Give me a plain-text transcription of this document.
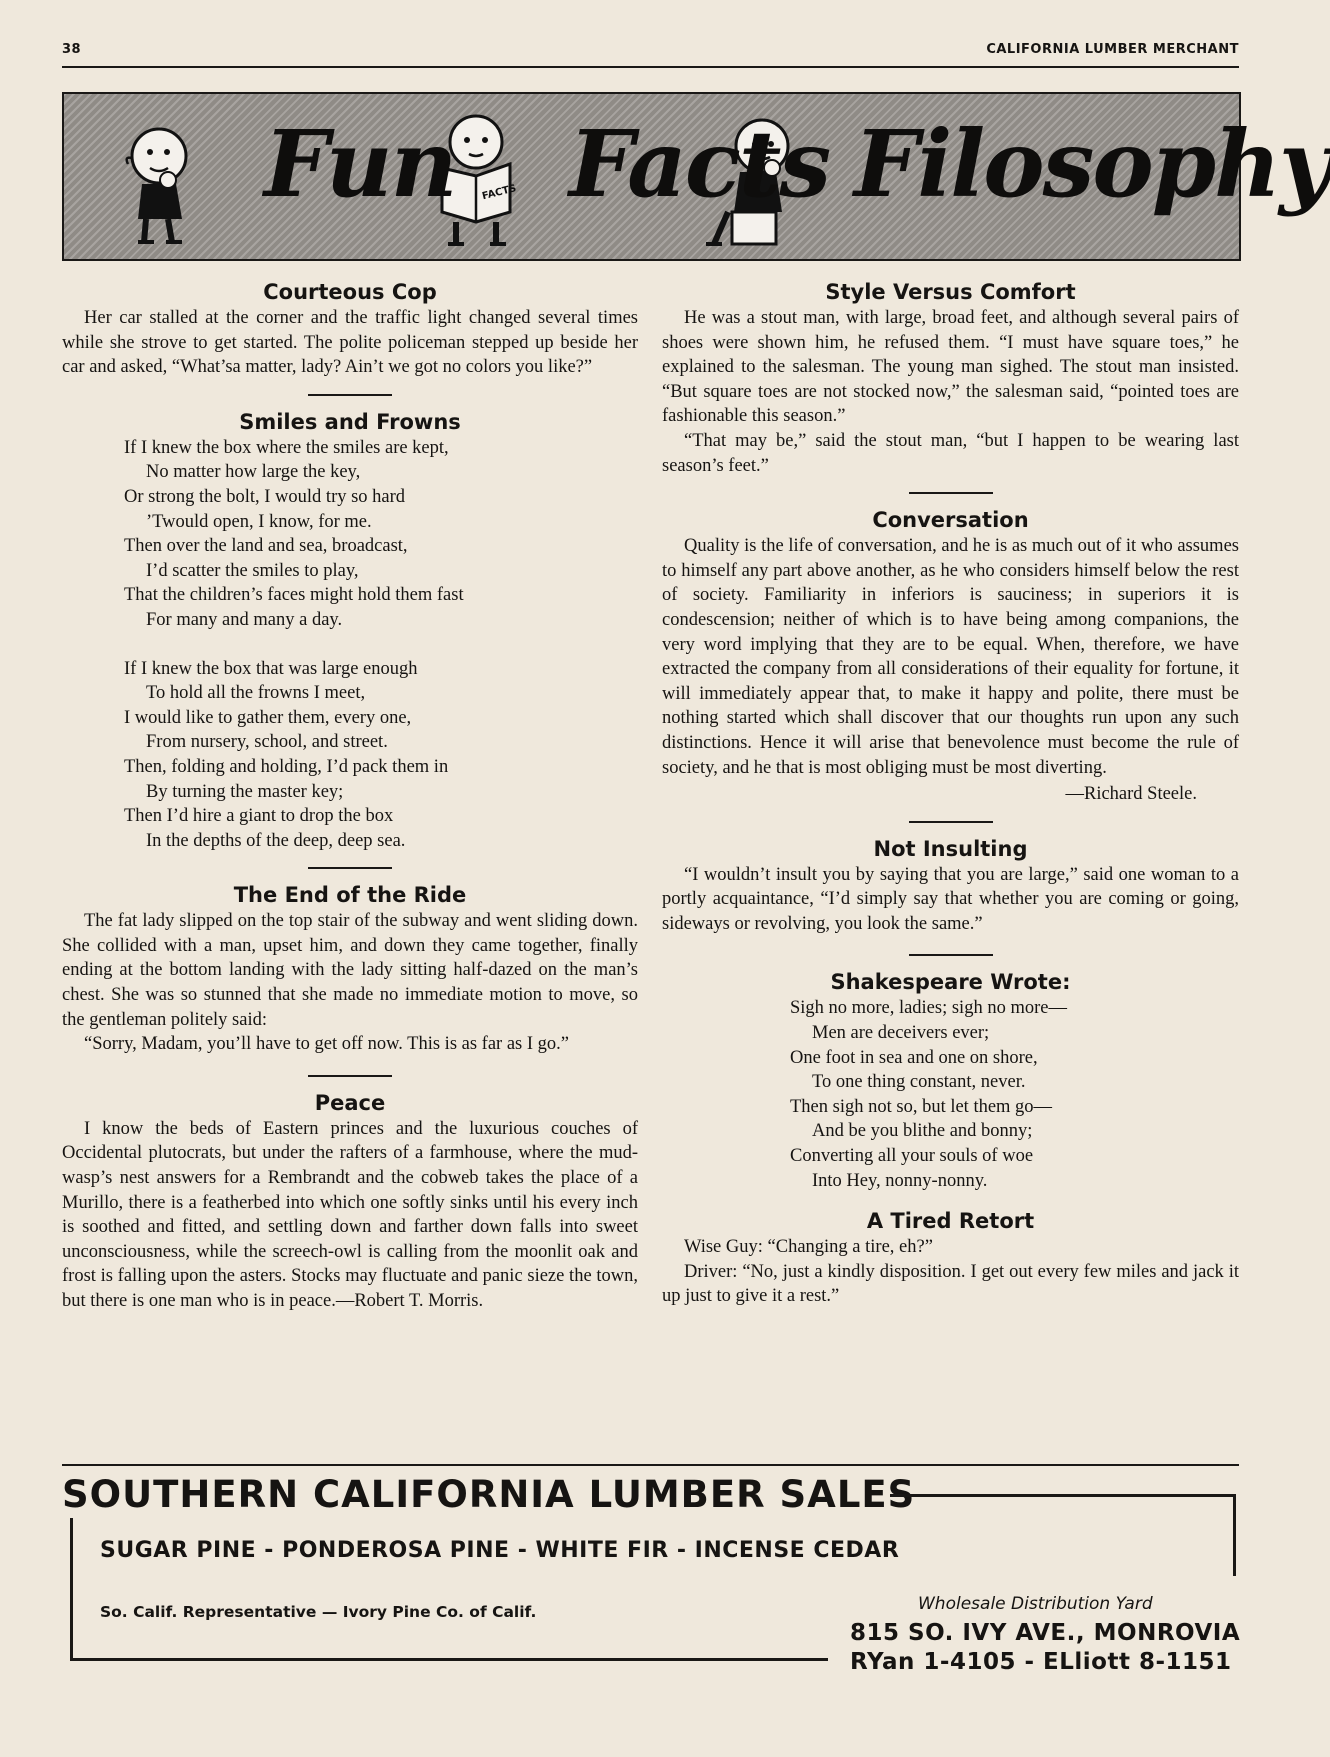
38	CALIFORNIA LUMBER MERCHANT
FACTS
Fun Facts Filosophy
Courteous Cop

Her car stalled at the corner and the traffic light changed several times while she strove to get started. The polite policeman stepped up beside her car and asked, “What’sa matter, lady? Ain’t we got no colors you like?”

Smiles and Frowns
If I knew the box where the smiles are kept,
No matter how large the key,
Or strong the bolt, I would try so hard
’Twould open, I know, for me.
Then over the land and sea, broadcast,
I’d scatter the smiles to play,
That the children’s faces might hold them fast
For many and many a day.
If I knew the box that was large enough
To hold all the frowns I meet,
I would like to gather them, every one,
From nursery, school, and street.
Then, folding and holding, I’d pack them in
By turning the master key;
Then I’d hire a giant to drop the box
In the depths of the deep, deep sea.
The End of the Ride

The fat lady slipped on the top stair of the subway and went sliding down. She collided with a man, upset him, and down they came together, finally ending at the bottom landing with the lady sitting half-dazed on the man’s chest. She was so stunned that she made no immediate motion to move, so the gentleman politely said:

“Sorry, Madam, you’ll have to get off now. This is as far as I go.”

Peace

I know the beds of Eastern princes and the luxurious couches of Occidental plutocrats, but under the rafters of a farmhouse, where the mud-wasp’s nest answers for a Rembrandt and the cobweb takes the place of a Murillo, there is a featherbed into which one softly sinks until his every inch is soothed and fitted, and settling down and farther down falls into sweet unconsciousness, while the screech-owl is calling from the moonlit oak and frost is falling upon the asters. Stocks may fluctuate and panic sieze the town, but there is one man who is in peace.—Robert T. Morris.

Style Versus Comfort

He was a stout man, with large, broad feet, and although several pairs of shoes were shown him, he refused them. “I must have square toes,” he explained to the salesman. The young man sighed. The stout man insisted. “But square toes are not stocked now,” the salesman said, “pointed toes are fashionable this season.”

“That may be,” said the stout man, “but I happen to be wearing last season’s feet.”

Conversation

Quality is the life of conversation, and he is as much out of it who assumes to himself any part above another, as he who considers himself below the rest of society. Familiarity in inferiors is sauciness; in superiors it is condescension; neither of which is to have being among companions, the very word implying that they are to be equal. When, therefore, we have extracted the company from all considerations of their equality for fortune, it will immediately appear that, to make it happy and polite, there must be nothing started which shall discover that our thoughts run upon any such distinctions. Hence it will arise that benevolence must become the rule of society, and he that is most obliging must be most diverting.

—Richard Steele.
Not Insulting

“I wouldn’t insult you by saying that you are large,” said one woman to a portly acquaintance, “I’d simply say that whether you are coming or going, sideways or revolving, you look the same.”

Shakespeare Wrote:
Sigh no more, ladies; sigh no more—
Men are deceivers ever;
One foot in sea and one on shore,
To one thing constant, never.
Then sigh not so, but let them go—
And be you blithe and bonny;
Converting all your souls of woe
Into Hey, nonny-nonny.
A Tired Retort

Wise Guy: “Changing a tire, eh?”

Driver: “No, just a kindly disposition. I get out every few miles and jack it up just to give it a rest.”

SOUTHERN CALIFORNIA LUMBER SALES
SUGAR PINE - PONDEROSA PINE - WHITE FIR - INCENSE CEDAR
So. Calif. Representative — Ivory Pine Co. of Calif.	Wholesale Distribution Yard
815 SO. IVY AVE., MONROVIA
RYan 1-4105 - ELliott 8-1151
